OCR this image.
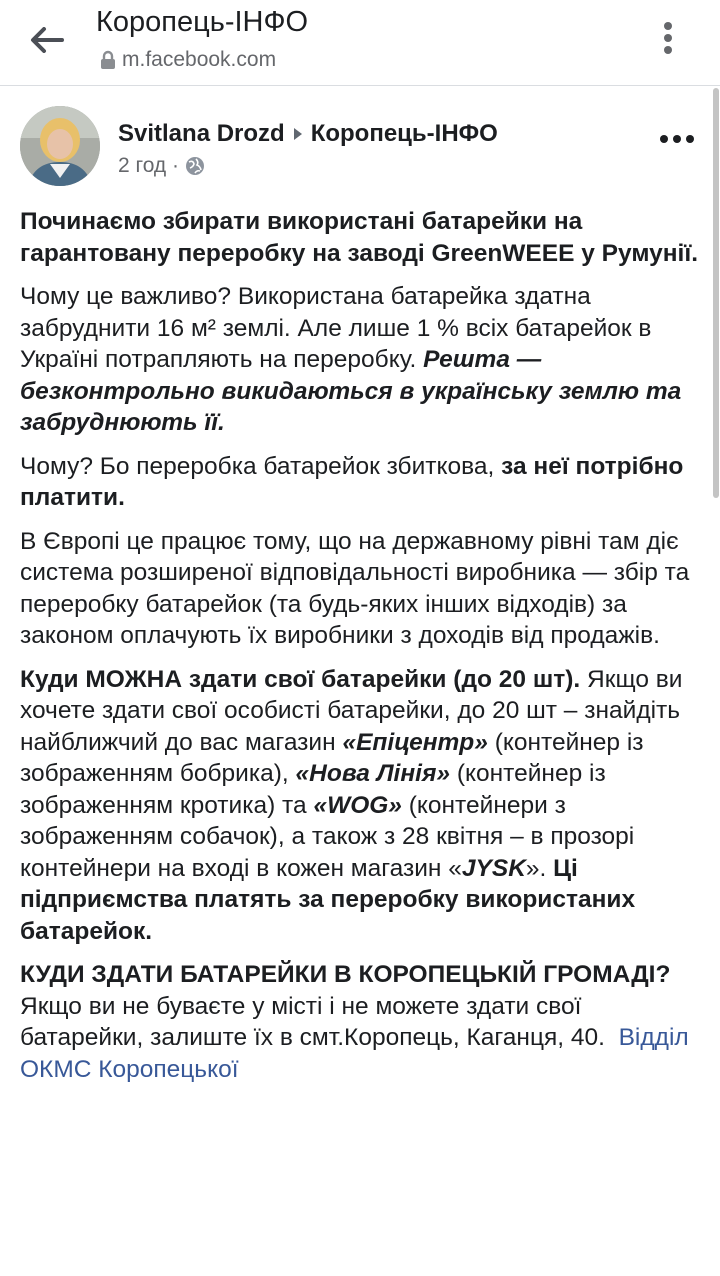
Коропець-ІНФО
m.facebook.com
Svitlana Drozd Коропець-ІНФО
2 год ·

Починаємо збирати використані батарейки на гарантовану переробку на заводі GreenWEEE у Румунії.

Чому це важливо? Використана батарейка здатна забруднити 16 м² землі. Але лише 1 % всіх батарейок в Україні потрапляють на переробку. Решта — безконтрольно викидаються в українську землю та забруднюють її.

Чому? Бо переробка батарейок збиткова, за неї потрібно платити.

В Європі це працює тому, що на державному рівні там діє система розширеної відповідальності виробника — збір та переробку батарейок (та будь-яких інших відходів) за законом оплачують їх виробники з доходів від продажів.

Куди МОЖНА здати свої батарейки (до 20 шт). Якщо ви хочете здати свої особисті батарейки, до 20 шт – знайдіть найближчий до вас магазин «Епіцентр» (контейнер із зображенням бобрика), «Нова Лінія» (контейнер із зображенням кротика) та «WOG» (контейнери з зображенням собачок), а також з 28 квітня – в прозорі контейнери на вході в кожен магазин «JYSK». Ці підприємства платять за переробку використаних батарейок.

КУДИ ЗДАТИ БАТАРЕЙКИ В КОРОПЕЦЬКІЙ ГРОМАДІ? Якщо ви не буваєте у місті і не можете здати свої батарейки, залиште їх в смт.Коропець, Каганця, 40. Відділ ОКМС Коропецької
